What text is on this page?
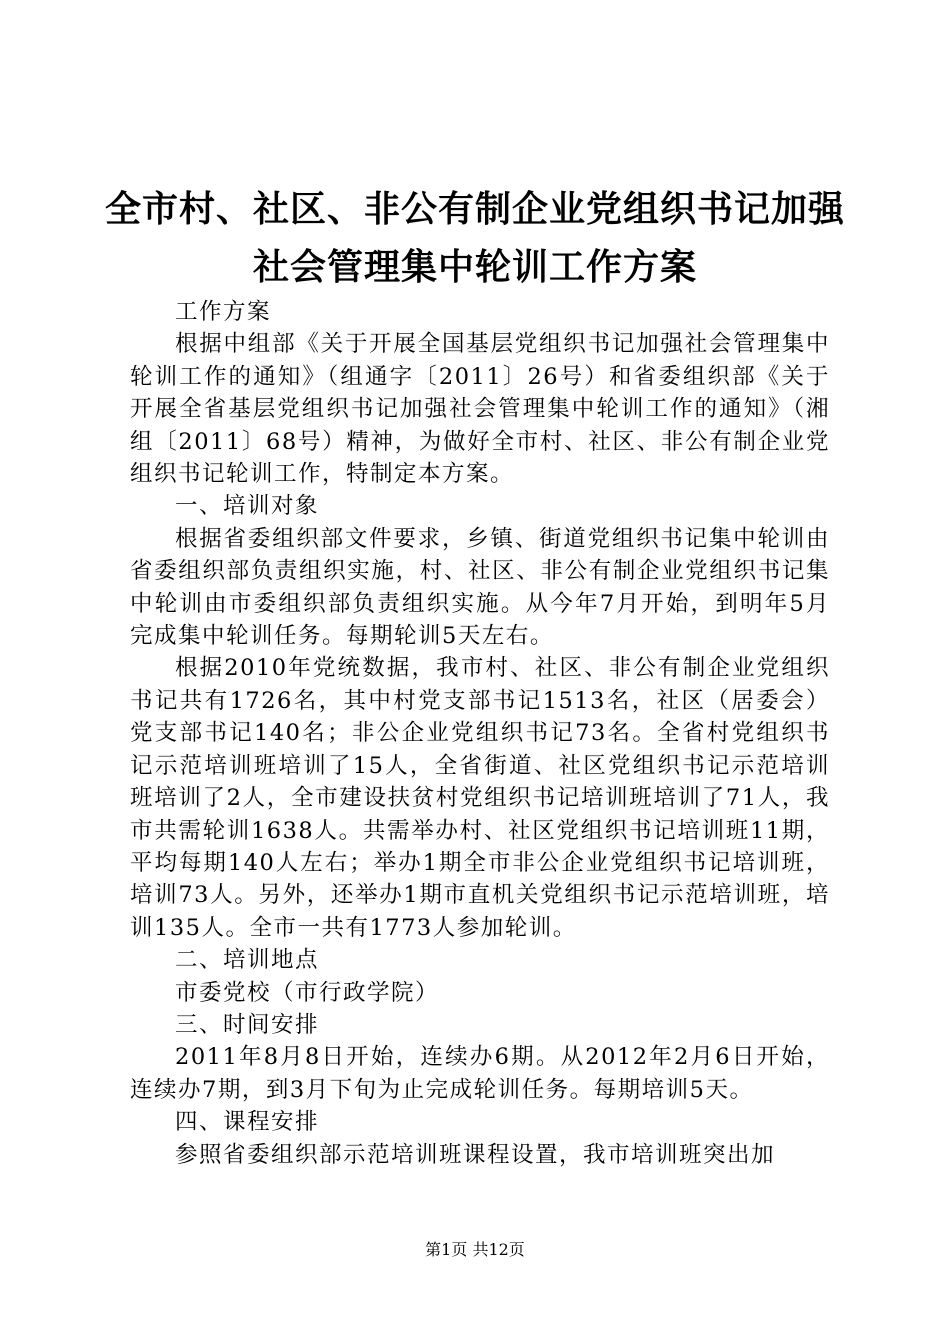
全市村、社区、非公有制企业党组织书记加强
社会管理集中轮训工作方案

工作方案

根据中组部《关于开展全国基层党组织书记加强社会管理集中轮训工作的通知》（组通字〔2011〕26号）和省委组织部《关于开展全省基层党组织书记加强社会管理集中轮训工作的通知》（湘组〔2011〕68号）精神，为做好全市村、社区、非公有制企业党组织书记轮训工作，特制定本方案。

一、培训对象

根据省委组织部文件要求，乡镇、街道党组织书记集中轮训由省委组织部负责组织实施，村、社区、非公有制企业党组织书记集中轮训由市委组织部负责组织实施。从今年7月开始，到明年5月完成集中轮训任务。每期轮训5天左右。

根据2010年党统数据，我市村、社区、非公有制企业党组织书记共有1726名，其中村党支部书记1513名，社区（居委会）党支部书记140名；非公企业党组织书记73名。全省村党组织书记示范培训班培训了15人，全省街道、社区党组织书记示范培训班培训了2人，全市建设扶贫村党组织书记培训班培训了71人，我市共需轮训1638人。共需举办村、社区党组织书记培训班11期，平均每期140人左右；举办1期全市非公企业党组织书记培训班，培训73人。另外，还举办1期市直机关党组织书记示范培训班，培训135人。全市一共有1773人参加轮训。

二、培训地点

市委党校（市行政学院）

三、时间安排

2011年8月8日开始，连续办6期。从2012年2月6日开始，连续办7期，到3月下旬为止完成轮训任务。每期培训5天。

四、课程安排

参照省委组织部示范培训班课程设置，我市培训班突出加

第1页 共12页
